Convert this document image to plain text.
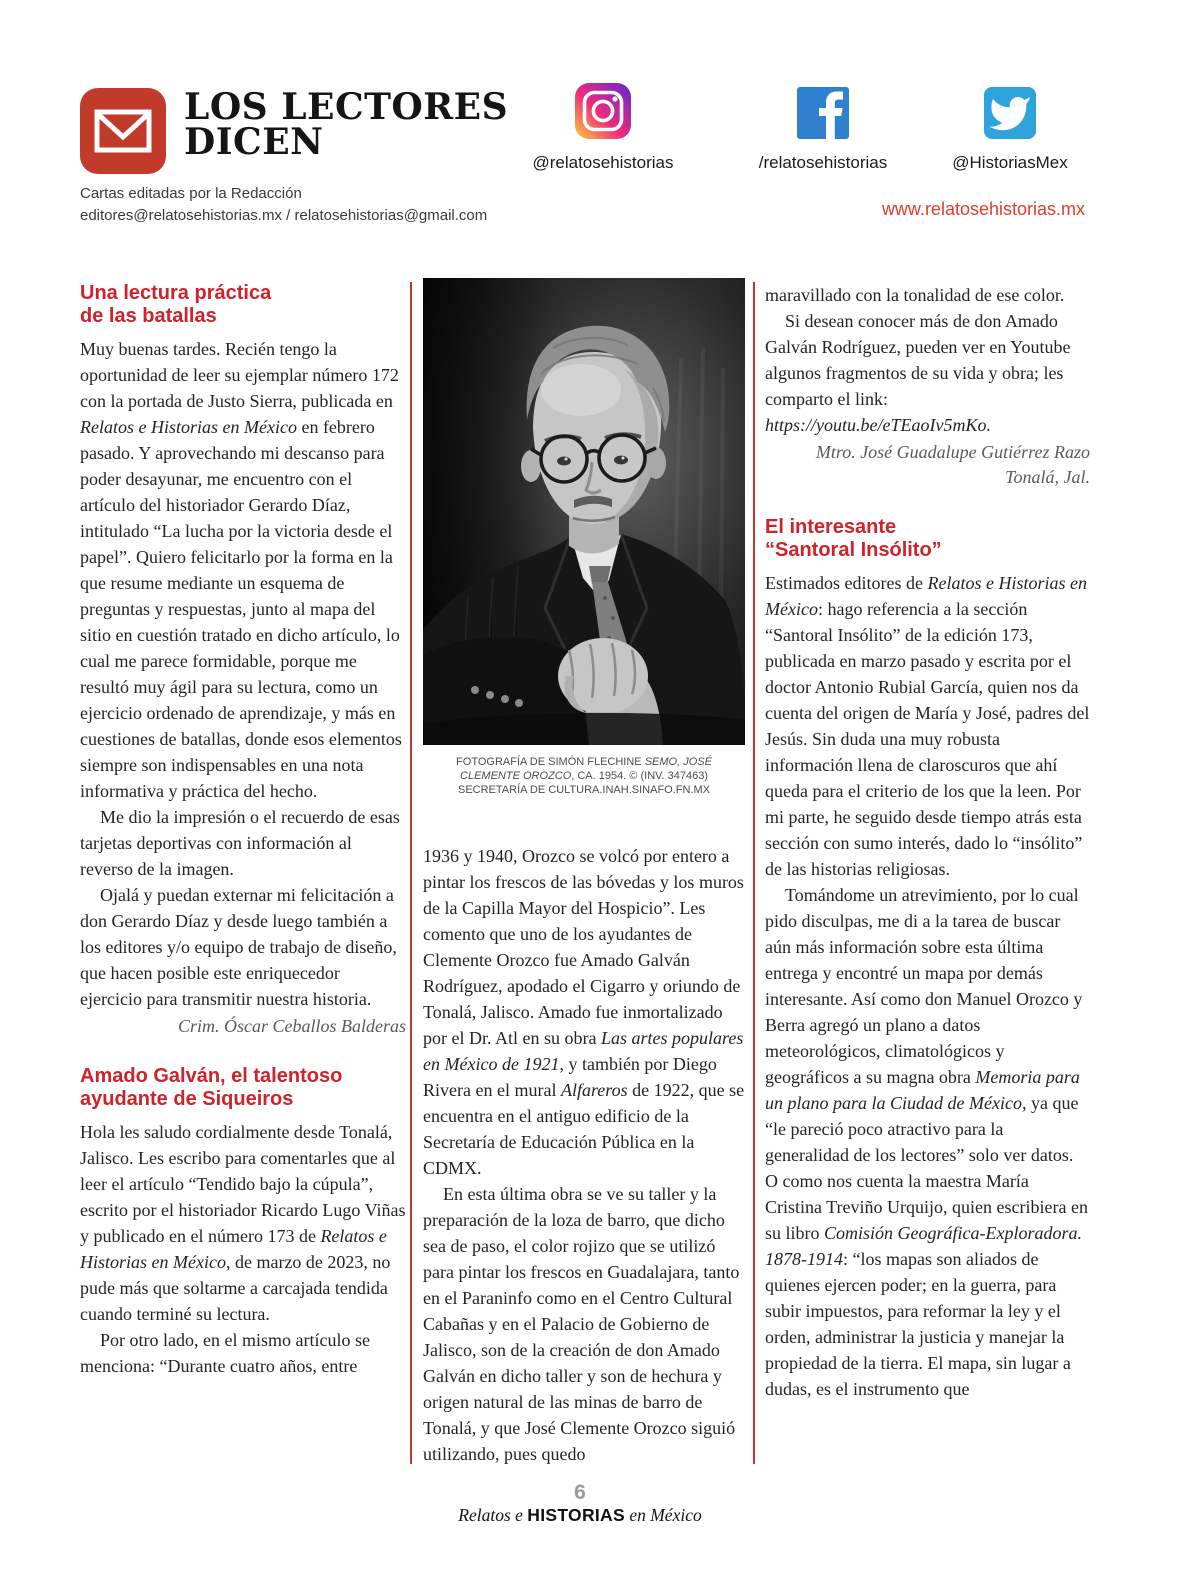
LOS LECTORES
DICEN
Cartas editadas por la Redacción
editores@relatosehistorias.mx / relatosehistorias@gmail.com	www.relatosehistorias.mx
@relatosehistorias	/relatosehistorias	@HistoriasMex
Una lectura práctica
de las batallas

Muy buenas tardes. Recién tengo la oportunidad de leer su ejemplar número 172 con la portada de Justo Sierra, publicada en Relatos e Historias en México en febrero pasado. Y aprovechando mi descanso para poder desayunar, me encuentro con el artículo del historiador Gerardo Díaz, intitulado “La lucha por la victoria desde el papel”. Quiero felicitarlo por la forma en la que resume mediante un esquema de preguntas y respuestas, junto al mapa del sitio en cuestión tratado en dicho artículo, lo cual me parece formidable, porque me resultó muy ágil para su lectura, como un ejercicio ordenado de aprendizaje, y más en cuestiones de batallas, donde esos elementos siempre son indispensables en una nota informativa y práctica del hecho.

Me dio la impresión o el recuerdo de esas tarjetas deportivas con información al reverso de la imagen.

Ojalá y puedan externar mi felicitación a don Gerardo Díaz y desde luego también a los editores y/o equipo de trabajo de diseño, que hacen posible este enriquecedor ejercicio para transmitir nuestra historia.

Crim. Óscar Ceballos Balderas
Amado Galván, el talentoso
ayudante de Siqueiros

Hola les saludo cordialmente desde Tonalá, Jalisco. Les escribo para comentarles que al leer el artículo “Tendido bajo la cúpula”, escrito por el historiador Ricardo Lugo Viñas y publicado en el número 173 de Relatos e Historias en México, de marzo de 2023, no pude más que soltarme a carcajada tendida cuando terminé su lectura.

Por otro lado, en el mismo artículo se menciona: “Durante cuatro años, entre

FOTOGRAFÍA DE SIMÓN FLECHINE SEMO, JOSÉ CLEMENTE OROZCO, CA. 1954. © (INV. 347463) SECRETARÍA DE CULTURA.INAH.SINAFO.FN.MX

1936 y 1940, Orozco se volcó por entero a pintar los frescos de las bóvedas y los muros de la Capilla Mayor del Hospicio”. Les comento que uno de los ayudantes de Clemente Orozco fue Amado Galván Rodríguez, apodado el Cigarro y oriundo de Tonalá, Jalisco. Amado fue inmortalizado por el Dr. Atl en su obra Las artes populares en México de 1921, y también por Diego Rivera en el mural Alfareros de 1922, que se encuentra en el antiguo edificio de la Secretaría de Educación Pública en la CDMX.

En esta última obra se ve su taller y la preparación de la loza de barro, que dicho sea de paso, el color rojizo que se utilizó para pintar los frescos en Guadalajara, tanto en el Paraninfo como en el Centro Cultural Cabañas y en el Palacio de Gobierno de Jalisco, son de la creación de don Amado Galván en dicho taller y son de hechura y origen natural de las minas de barro de Tonalá, y que José Clemente Orozco siguió utilizando, pues quedo

maravillado con la tonalidad de ese color.

Si desean conocer más de don Amado Galván Rodríguez, pueden ver en Youtube algunos fragmentos de su vida y obra; les comparto el link: https://youtu.be/eTEaoIv5mKo.

Mtro. José Guadalupe Gutiérrez Razo
Tonalá, Jal.
El interesante
“Santoral Insólito”

Estimados editores de Relatos e Historias en México: hago referencia a la sección “Santoral Insólito” de la edición 173, publicada en marzo pasado y escrita por el doctor Antonio Rubial García, quien nos da cuenta del origen de María y José, padres del Jesús. Sin duda una muy robusta información llena de claroscuros que ahí queda para el criterio de los que la leen. Por mi parte, he seguido desde tiempo atrás esta sección con sumo interés, dado lo “insólito” de las historias religiosas.

Tomándome un atrevimiento, por lo cual pido disculpas, me di a la tarea de buscar aún más información sobre esta última entrega y encontré un mapa por demás interesante. Así como don Manuel Orozco y Berra agregó un plano a datos meteorológicos, climatológicos y geográficos a su magna obra Memoria para un plano para la Ciudad de México, ya que “le pareció poco atractivo para la generalidad de los lectores” solo ver datos. O como nos cuenta la maestra María Cristina Treviño Urquijo, quien escribiera en su libro Comisión Geográfica-Exploradora. 1878-1914: “los mapas son aliados de quienes ejercen poder; en la guerra, para subir impuestos, para reformar la ley y el orden, administrar la justicia y manejar la propiedad de la tierra. El mapa, sin lugar a dudas, es el instrumento que

6
Relatos e HISTORIAS en México
